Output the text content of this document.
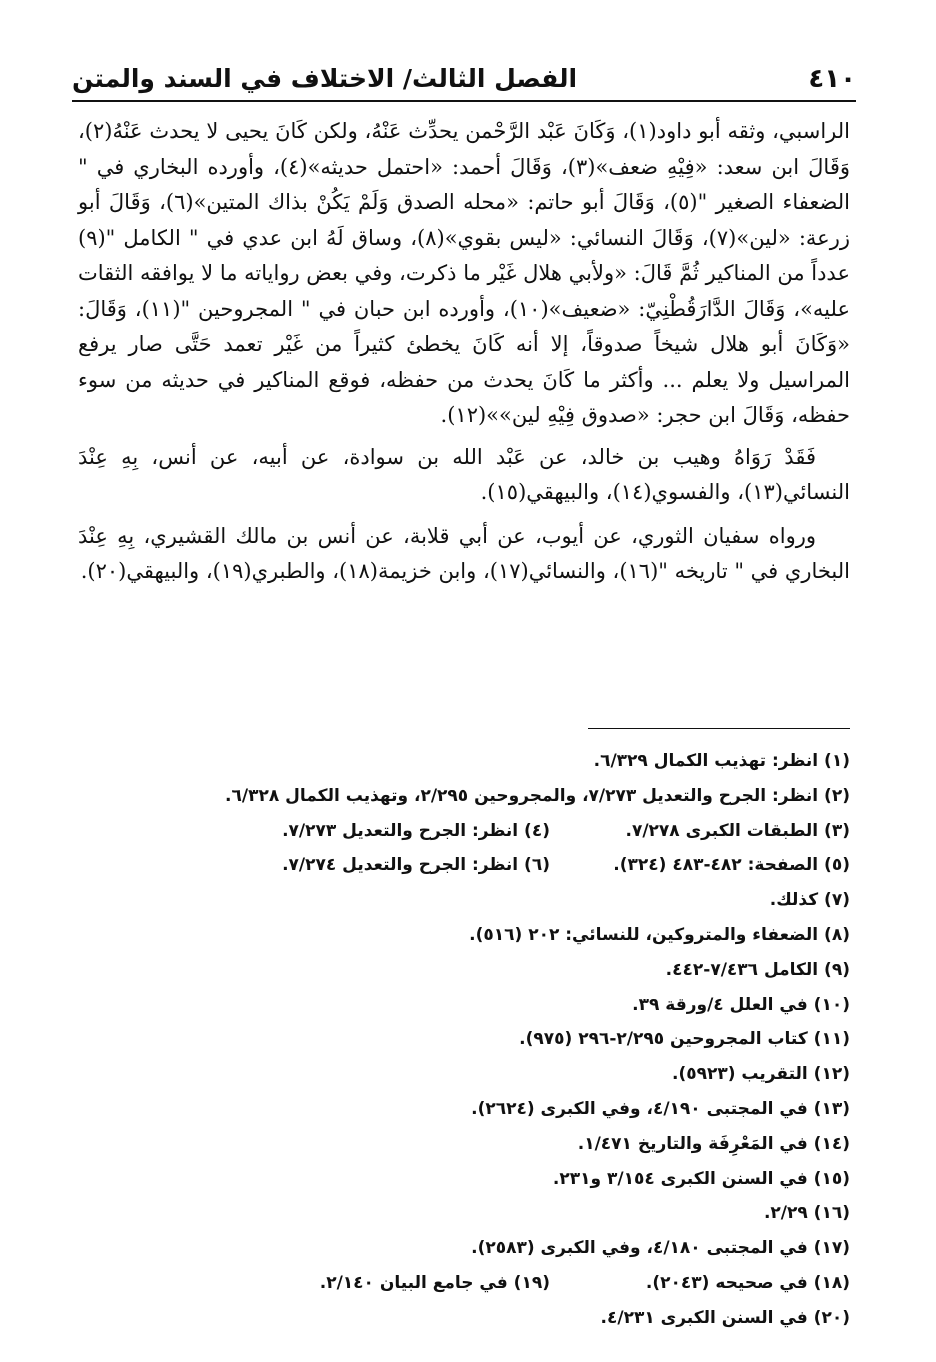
٤١٠
الفصل الثالث/ الاختلاف في السند والمتن

الراسبي، وثقه أبو داود(١)، وَكَانَ عَبْد الرَّحْمن يحدِّث عَنْهُ، ولكن كَانَ يحيى لا يحدث عَنْهُ(٢)، وَقَالَ ابن سعد: «فِيْهِ ضعف»(٣)، وَقَالَ أحمد: «احتمل حديثه»(٤)، وأورده البخاري في " الضعفاء الصغير "(٥)، وَقَالَ أبو حاتم: «محله الصدق وَلَمْ يَكُنْ بذاك المتين»(٦)، وَقَالَ أبو زرعة: «لين»(٧)، وَقَالَ النسائي: «ليس بقوي»(٨)، وساق لَهُ ابن عدي في " الكامل "(٩) عدداً من المناكير ثُمَّ قَالَ: «ولأبي هلال غَيْر ما ذكرت، وفي بعض رواياته ما لا يوافقه الثقات عليه»، وَقَالَ الدَّارَقُطْنِيّ: «ضعيف»(١٠)، وأورده ابن حبان في " المجروحين "(١١)، وَقَالَ: «وَكَانَ أبو هلال شيخاً صدوقاً، إلا أنه كَانَ يخطئ كثيراً من غَيْر تعمد حَتَّى صار يرفع المراسيل ولا يعلم ... وأكثر ما كَانَ يحدث من حفظه، فوقع المناكير في حديثه من سوء حفظه، وَقَالَ ابن حجر: «صدوق فِيْهِ لين»»(١٢).

فَقَدْ رَوَاهُ وهيب بن خالد، عن عَبْد الله بن سوادة، عن أبيه، عن أنس، بِهِ عِنْدَ النسائي(١٣)، والفسوي(١٤)، والبيهقي(١٥).

ورواه سفيان الثوري، عن أيوب، عن أبي قلابة، عن أنس بن مالك القشيري، بِهِ عِنْدَ البخاري في " تاريخه "(١٦)، والنسائي(١٧)، وابن خزيمة(١٨)، والطبري(١٩)، والبيهقي(٢٠).

(١) انظر: تهذيب الكمال ٦/٣٢٩.
(٢) انظر: الجرح والتعديل ٧/٢٧٣، والمجروحين ٢/٢٩٥، وتهذيب الكمال ٦/٣٢٨.
(٣) الطبقات الكبرى ٧/٢٧٨.
(٤) انظر: الجرح والتعديل ٧/٢٧٣.
(٥) الصفحة: ٤٨٢-٤٨٣ (٣٢٤).
(٦) انظر: الجرح والتعديل ٧/٢٧٤.
(٧) كذلك.
(٨) الضعفاء والمتروكين، للنسائي: ٢٠٢ (٥١٦).
(٩) الكامل ٧/٤٣٦-٤٤٢.
(١٠) في العلل ٤/ورقة ٣٩.
(١١) كتاب المجروحين ٢/٢٩٥-٢٩٦ (٩٧٥).
(١٢) التقريب (٥٩٢٣).
(١٣) في المجتبى ٤/١٩٠، وفي الكبرى (٢٦٢٤).
(١٤) في المَعْرِفَة والتاريخ ١/٤٧١.
(١٥) في السنن الكبرى ٣/١٥٤ و٢٣١.
(١٦) ٢/٢٩.
(١٧) في المجتبى ٤/١٨٠، وفي الكبرى (٢٥٨٣).
(١٨) في صحيحه (٢٠٤٣).
(١٩) في جامع البيان ٢/١٤٠.
(٢٠) في السنن الكبرى ٤/٢٣١.
